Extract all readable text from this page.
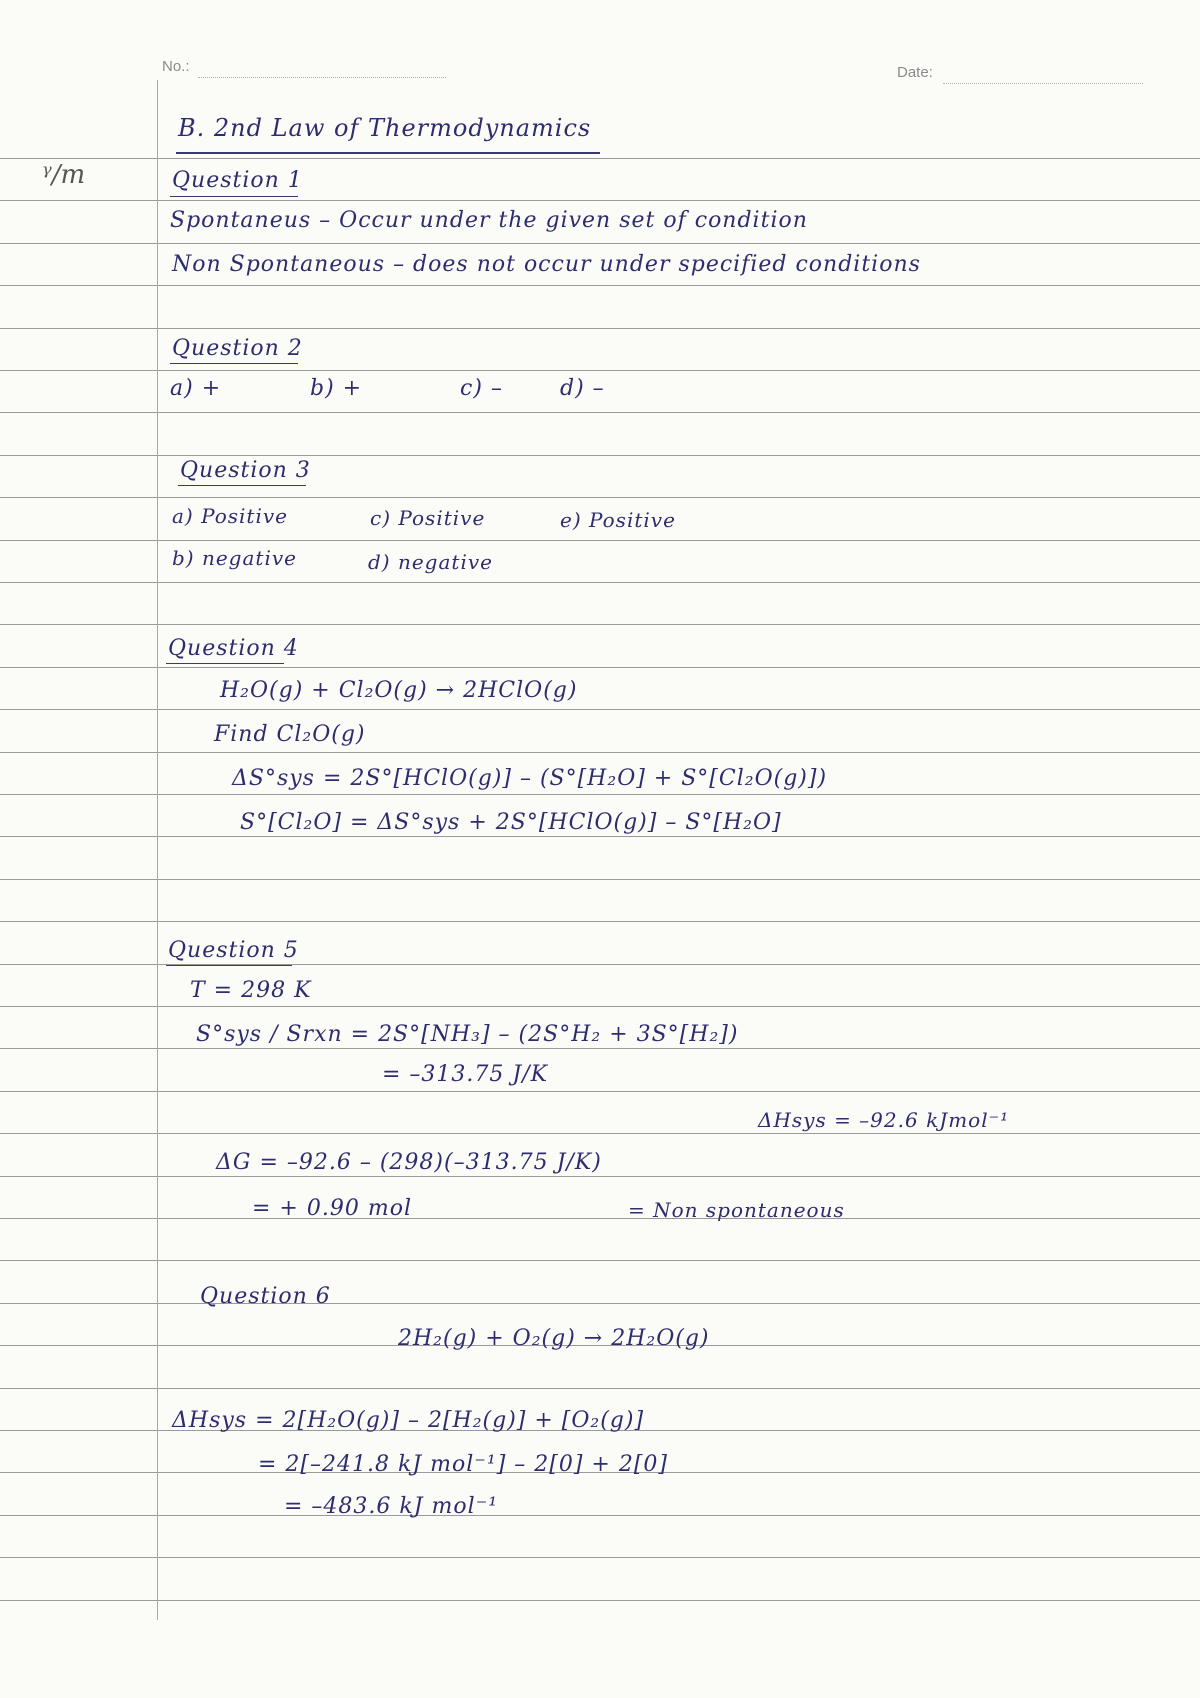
No.:	Date:
ᵞ/m
B. 2nd Law of Thermodynamics
Question 1
Spontaneus – Occur under the given set of condition
Non Spontaneous – does not occur under specified conditions
Question 2
a) +	b) +	c) –	d) –
Question 3
a) Positive	c) Positive	e) Positive
b) negative	d) negative
Question 4
H₂O(g) + Cl₂O(g) → 2HClO(g)
Find Cl₂O(g)
ΔS°sys = 2S°[HClO(g)] – (S°[H₂O] + S°[Cl₂O(g)])
S°[Cl₂O] = ΔS°sys + 2S°[HClO(g)] – S°[H₂O]
Question 5
T = 298 K
S°sys / Srxn = 2S°[NH₃] – (2S°H₂ + 3S°[H₂])
= –313.75 J/K
ΔHsys = –92.6 kJmol⁻¹
ΔG = –92.6 – (298)(–313.75 J/K)
= + 0.90 mol	= Non spontaneous
Question 6
2H₂(g) + O₂(g) → 2H₂O(g)
ΔHsys = 2[H₂O(g)] – 2[H₂(g)] + [O₂(g)]
= 2[–241.8 kJ mol⁻¹] – 2[0] + 2[0]
= –483.6 kJ mol⁻¹
